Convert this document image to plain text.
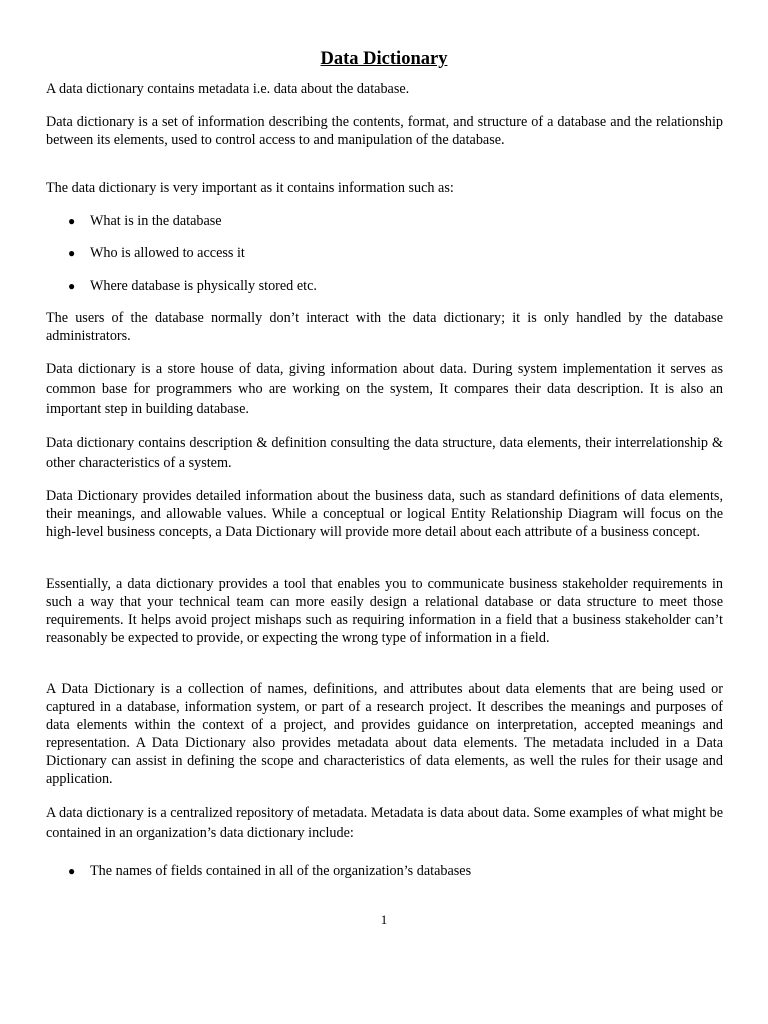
Data Dictionary

A data dictionary contains metadata i.e. data about the database.

Data dictionary is a set of information describing the contents, format, and structure of a database and the relationship between its elements, used to control access to and manipulation of the database.

The data dictionary is very important as it contains information such as:

●	What is in the database
●	Who is allowed to access it
●	Where database is physically stored etc.

The users of the database normally don’t interact with the data dictionary; it is only handled by the database administrators.

Data dictionary is a store house of data, giving information about data. During system implementation it serves as common base for programmers who are working on the system, It compares their data description. It is also an important step in building database.

Data dictionary contains description & definition consulting the data structure, data elements, their interrelationship & other characteristics of a system.

Data Dictionary provides detailed information about the business data, such as standard definitions of data elements, their meanings, and allowable values. While a conceptual or logical Entity Relationship Diagram will focus on the high-level business concepts, a Data Dictionary will provide more detail about each attribute of a business concept.

Essentially, a data dictionary provides a tool that enables you to communicate business stakeholder requirements in such a way that your technical team can more easily design a relational database or data structure to meet those requirements. It helps avoid project mishaps such as requiring information in a field that a business stakeholder can’t reasonably be expected to provide, or expecting the wrong type of information in a field.

A Data Dictionary is a collection of names, definitions, and attributes about data elements that are being used or captured in a database, information system, or part of a research project. It describes the meanings and purposes of data elements within the context of a project, and provides guidance on interpretation, accepted meanings and representation. A Data Dictionary also provides metadata about data elements. The metadata included in a Data Dictionary can assist in defining the scope and characteristics of data elements, as well the rules for their usage and application.

A data dictionary is a centralized repository of metadata. Metadata is data about data. Some examples of what might be contained in an organization’s data dictionary include:

●	The names of fields contained in all of the organization’s databases
1
